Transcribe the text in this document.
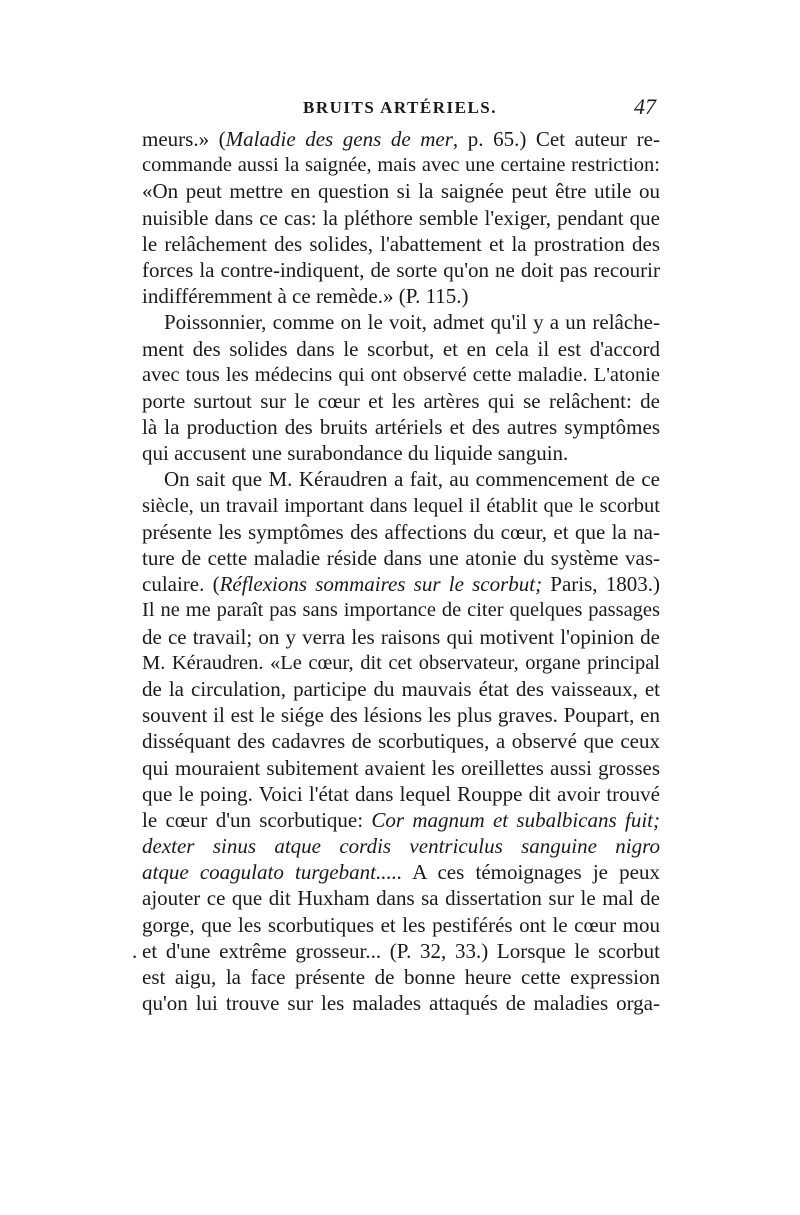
BRUITS ARTÉRIELS.	47
meurs.» (Maladie des gens de mer, p. 65.) Cet auteur re-
commande aussi la saignée, mais avec une certaine restriction:
«On peut mettre en question si la saignée peut être utile ou
nuisible dans ce cas: la pléthore semble l'exiger, pendant que
le relâchement des solides, l'abattement et la prostration des
forces la contre-indiquent, de sorte qu'on ne doit pas recourir
indifféremment à ce remède.» (P. 115.)
Poissonnier, comme on le voit, admet qu'il y a un relâche-
ment des solides dans le scorbut, et en cela il est d'accord
avec tous les médecins qui ont observé cette maladie. L'atonie
porte surtout sur le cœur et les artères qui se relâchent: de
là la production des bruits artériels et des autres symptômes
qui accusent une surabondance du liquide sanguin.
On sait que M. Kéraudren a fait, au commencement de ce
siècle, un travail important dans lequel il établit que le scorbut
présente les symptômes des affections du cœur, et que la na-
ture de cette maladie réside dans une atonie du système vas-
culaire. (Réflexions sommaires sur le scorbut; Paris, 1803.)
Il ne me paraît pas sans importance de citer quelques passages
de ce travail; on y verra les raisons qui motivent l'opinion de
M. Kéraudren. «Le cœur, dit cet observateur, organe principal
de la circulation, participe du mauvais état des vaisseaux, et
souvent il est le siége des lésions les plus graves. Poupart, en
disséquant des cadavres de scorbutiques, a observé que ceux
qui mouraient subitement avaient les oreillettes aussi grosses
que le poing. Voici l'état dans lequel Rouppe dit avoir trouvé
le cœur d'un scorbutique: Cor magnum et subalbicans fuit;
dexter sinus atque cordis ventriculus sanguine nigro
atque coagulato turgebant..... A ces témoignages je peux
ajouter ce que dit Huxham dans sa dissertation sur le mal de
gorge, que les scorbutiques et les pestiférés ont le cœur mou
. et d'une extrême grosseur... (P. 32, 33.) Lorsque le scorbut
est aigu, la face présente de bonne heure cette expression
qu'on lui trouve sur les malades attaqués de maladies orga-
